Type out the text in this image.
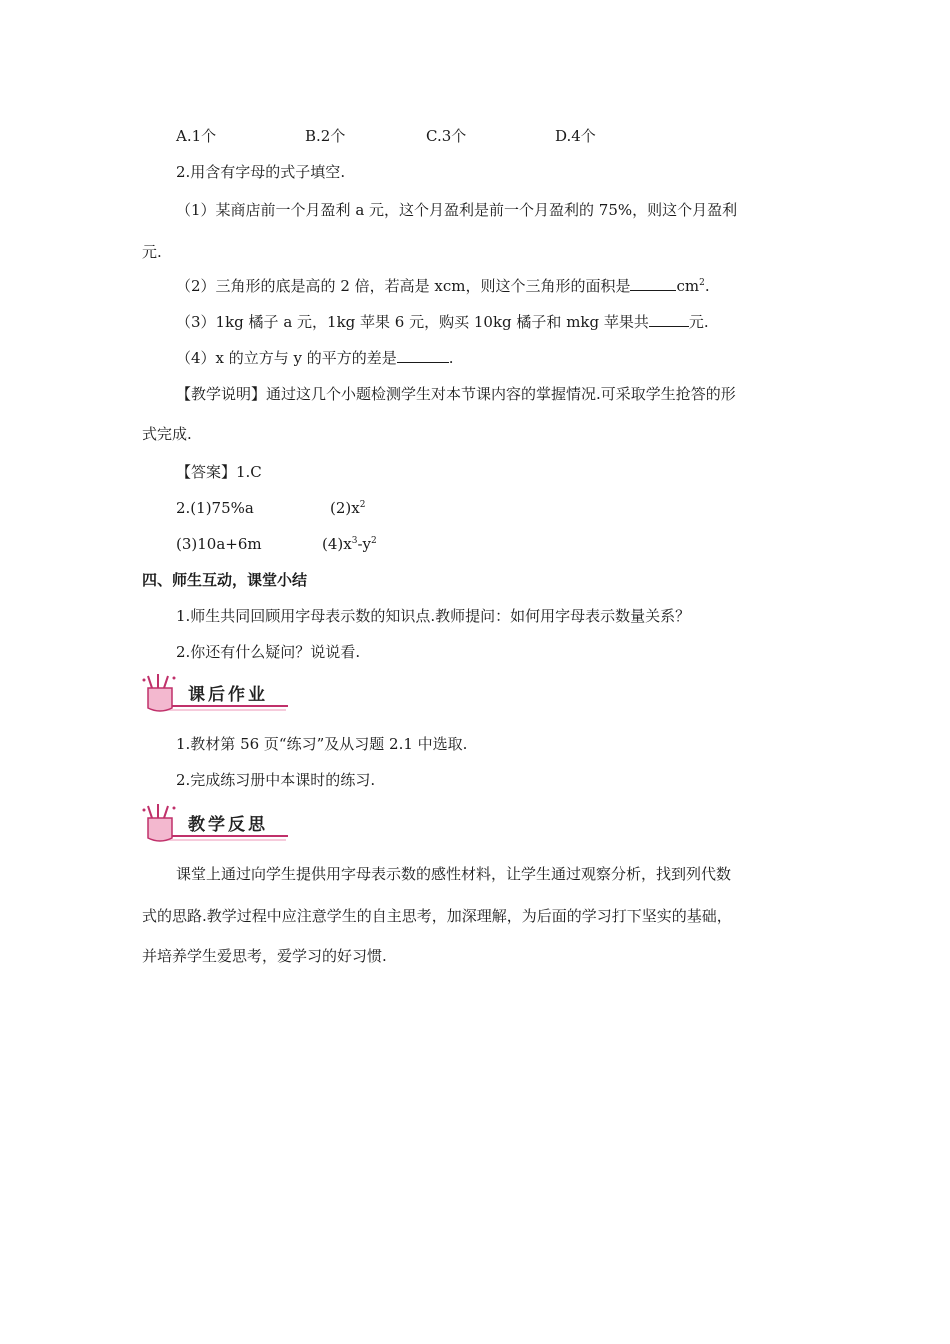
A.1个	B.2个	C.3个	D.4个
2.用含有字母的式子填空.
（1）某商店前一个月盈利 a 元，这个月盈利是前一个月盈利的 75%，则这个月盈利
元.
（2）三角形的底是高的 2 倍，若高是 xcm，则这个三角形的面积是	$cm^2$.
（3）1kg 橘子 a 元，1kg 苹果 6 元，购买 10kg 橘子和 mkg 苹果共	元.
（4）x 的立方与 y 的平方的差是	.
【教学说明】通过这几个小题检测学生对本节课内容的掌握情况.可采取学生抢答的形
式完成.
【答案】1.C
2.(1)75%a	$(2)x^2$
(3)10a+6m	$(4)x^3-y^2$
四、师生互动，课堂小结
1.师生共同回顾用字母表示数的知识点.教师提问：如何用字母表示数量关系？
2.你还有什么疑问？说说看.
课后作业
1.教材第 56 页“练习”及从习题 2.1 中选取.
2.完成练习册中本课时的练习.
教学反思
课堂上通过向学生提供用字母表示数的感性材料，让学生通过观察分析，找到列代数
式的思路.教学过程中应注意学生的自主思考，加深理解，为后面的学习打下坚实的基础，
并培养学生爱思考，爱学习的好习惯.
